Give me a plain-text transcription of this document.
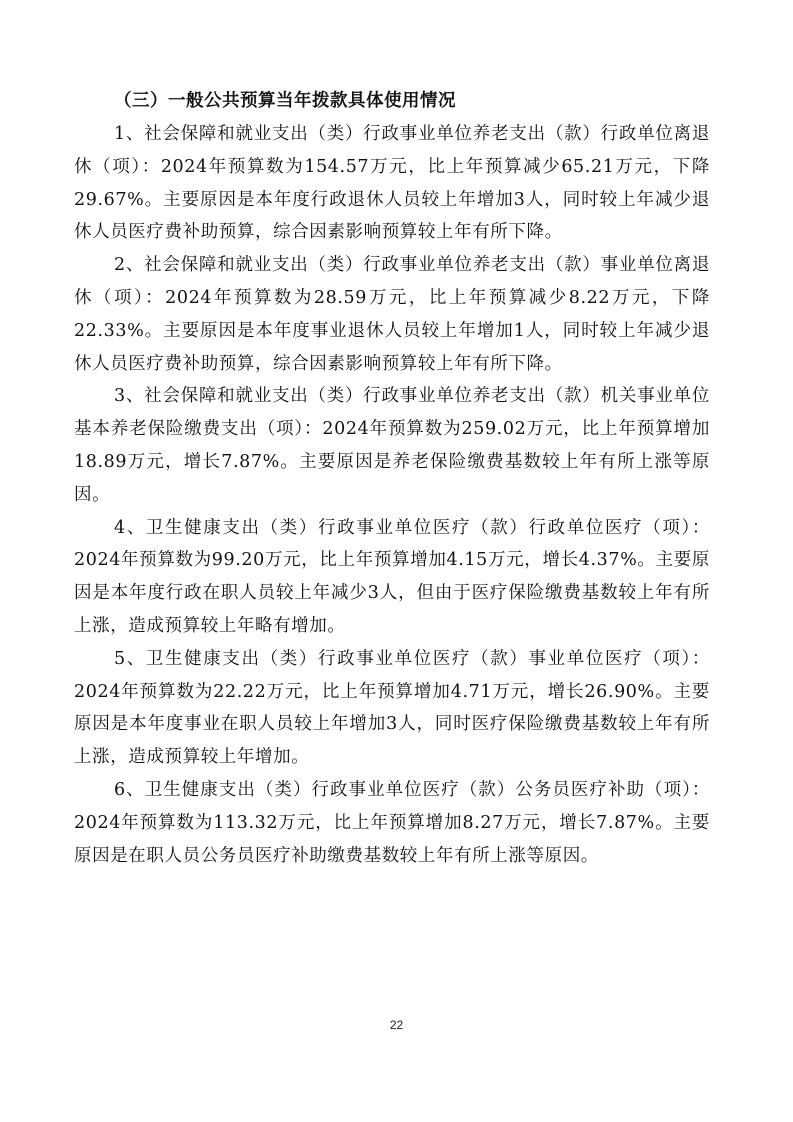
（三）一般公共预算当年拨款具体使用情况

1、社会保障和就业支出（类）行政事业单位养老支出（款）行政单位离退休（项）：2024年预算数为154.57万元，比上年预算减少65.21万元，下降29.67%。主要原因是本年度行政退休人员较上年增加3人，同时较上年减少退休人员医疗费补助预算，综合因素影响预算较上年有所下降。

2、社会保障和就业支出（类）行政事业单位养老支出（款）事业单位离退休（项）：2024年预算数为28.59万元，比上年预算减少8.22万元，下降22.33%。主要原因是本年度事业退休人员较上年增加1人，同时较上年减少退休人员医疗费补助预算，综合因素影响预算较上年有所下降。

3、社会保障和就业支出（类）行政事业单位养老支出（款）机关事业单位基本养老保险缴费支出（项）：2024年预算数为259.02万元，比上年预算增加18.89万元，增长7.87%。主要原因是养老保险缴费基数较上年有所上涨等原因。

4、卫生健康支出（类）行政事业单位医疗（款）行政单位医疗（项）：2024年预算数为99.20万元，比上年预算增加4.15万元，增长4.37%。主要原因是本年度行政在职人员较上年减少3人，但由于医疗保险缴费基数较上年有所上涨，造成预算较上年略有增加。

5、卫生健康支出（类）行政事业单位医疗（款）事业单位医疗（项）：2024年预算数为22.22万元，比上年预算增加4.71万元，增长26.90%。主要原因是本年度事业在职人员较上年增加3人，同时医疗保险缴费基数较上年有所上涨，造成预算较上年增加。

6、卫生健康支出（类）行政事业单位医疗（款）公务员医疗补助（项）：2024年预算数为113.32万元，比上年预算增加8.27万元，增长7.87%。主要原因是在职人员公务员医疗补助缴费基数较上年有所上涨等原因。

22
